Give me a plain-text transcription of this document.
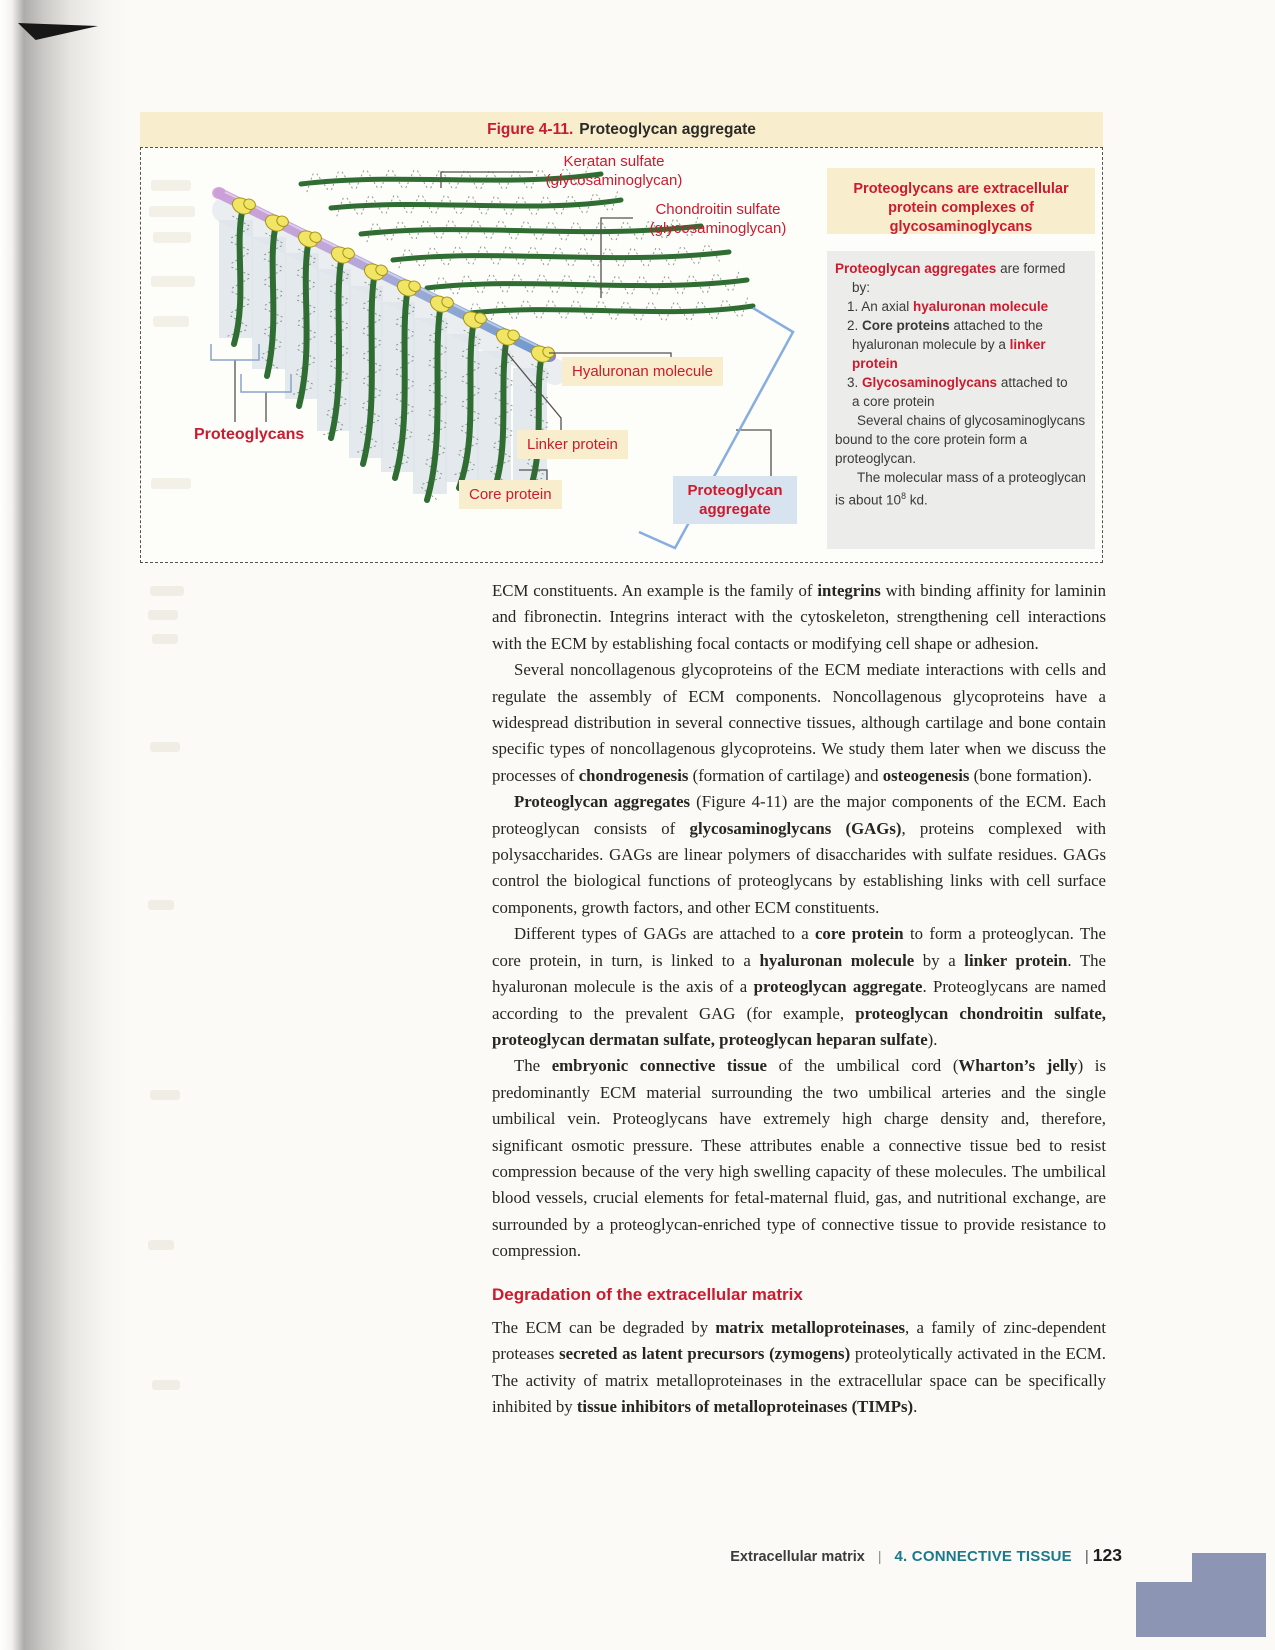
Figure 4-11. Proteoglycan aggregate
Keratan sulfate
(glycosaminoglycan)
Chondroitin sulfate
(glycosaminoglycan)
Hyaluronan molecule
Linker protein
Core protein
Proteoglycans
Proteoglycan
aggregate
Proteoglycans are extracellular protein complexes of glycosaminoglycans
Proteoglycan aggregates are formed
by:
1. An axial hyaluronan molecule
2. Core proteins attached to the
hyaluronan molecule by a linker
protein
3. Glycosaminoglycans attached to
a core protein
Several chains of glycosaminoglycans
bound to the core protein form a
proteoglycan.
The molecular mass of a proteoglycan
is about $10^8$ kd.

ECM constituents. An example is the family of integrins with binding affinity for laminin and fibronectin. Integrins interact with the cytoskeleton, strengthening cell interactions with the ECM by establishing focal contacts or modifying cell shape or adhesion.

Several noncollagenous glycoproteins of the ECM mediate interactions with cells and regulate the assembly of ECM components. Noncollagenous glycoproteins have a widespread distribution in several connective tissues, although cartilage and bone contain specific types of noncollagenous glycoproteins. We study them later when we discuss the processes of chondrogenesis (formation of cartilage) and osteogenesis (bone formation).

Proteoglycan aggregates (Figure 4-11) are the major components of the ECM. Each proteoglycan consists of glycosaminoglycans (GAGs), proteins complexed with polysaccharides. GAGs are linear polymers of disaccharides with sulfate residues. GAGs control the biological functions of proteoglycans by establishing links with cell surface components, growth factors, and other ECM constituents.

Different types of GAGs are attached to a core protein to form a proteoglycan. The core protein, in turn, is linked to a hyaluronan molecule by a linker protein. The hyaluronan molecule is the axis of a proteoglycan aggregate. Proteoglycans are named according to the prevalent GAG (for example, proteoglycan chondroitin sulfate, proteoglycan dermatan sulfate, proteoglycan heparan sulfate).

The embryonic connective tissue of the umbilical cord (Wharton’s jelly) is predominantly ECM material surrounding the two umbilical arteries and the single umbilical vein. Proteoglycans have extremely high charge density and, therefore, significant osmotic pressure. These attributes enable a connective tissue bed to resist compression because of the very high swelling capacity of these molecules. The umbilical blood vessels, crucial elements for fetal-maternal fluid, gas, and nutritional exchange, are surrounded by a proteoglycan-enriched type of connective tissue to provide resistance to compression.

Degradation of the extracellular matrix

The ECM can be degraded by matrix metalloproteinases, a family of zinc-dependent proteases secreted as latent precursors (zymogens) proteolytically activated in the ECM. The activity of matrix metalloproteinases in the extracellular space can be specifically inhibited by tissue inhibitors of metalloproteinases (TIMPs).

Extracellular matrix | 4. CONNECTIVE TISSUE | 123
